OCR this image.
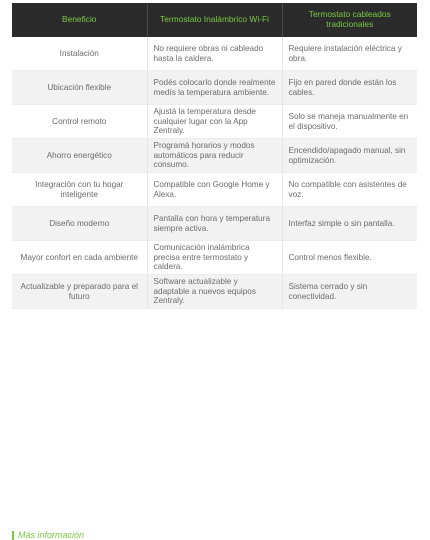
Beneficio	Termostato Inalámbrico Wi-Fi	Termostato cableados tradicionales
Instalación	No requiere obras ni cableado hasta la caldera.	Requiere instalación eléctrica y obra.
Ubicación flexible	Podés colocarlo donde realmente medís la temperatura ambiente.	Fijo en pared donde están los cables.
Control remoto	Ajustá la temperatura desde cualquier lugar con la App Zentraly.	Solo se maneja manualmente en el dispositivo.
Ahorro energético	Programá horarios y modos automáticos para reducir consumo.	Encendido/apagado manual, sin optimización.
Integración con tu hogar inteligente	Compatible con Google Home y Alexa.	No compatible con asistentes de voz.
Diseño moderno	Pantalla con hora y temperatura siempre activa.	Interfaz simple o sin pantalla.
Mayor confort en cada ambiente	Comunicación inalámbrica precisa entre termostato y caldera.	Control menos flexible.
Actualizable y preparado para el futuro	Software actualizable y adaptable a nuevos equipos Zentraly.	Sistema cerrado y sin conectividad.
Más información
